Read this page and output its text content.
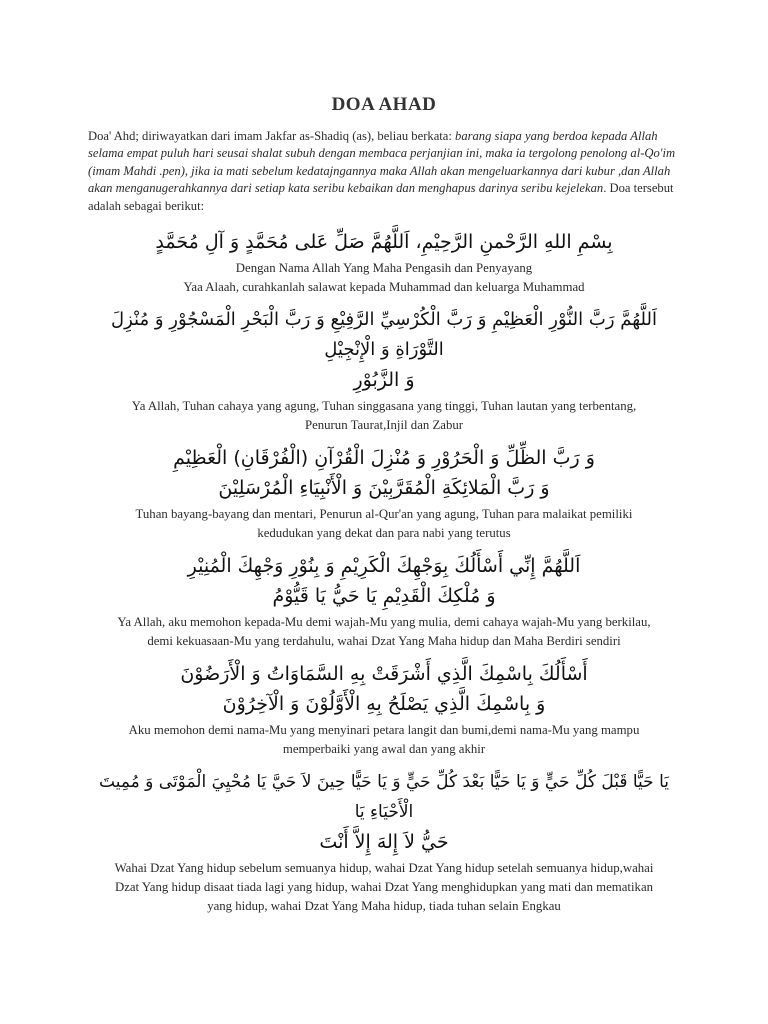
DOA AHAD

Doa' Ahd; diriwayatkan dari imam Jakfar as-Shadiq (as), beliau berkata: barang siapa yang berdoa kepada Allah selama empat puluh hari seusai shalat subuh dengan membaca perjanjian ini, maka ia tergolong penolong al-Qo'im (imam Mahdi .pen), jika ia mati sebelum kedatajngannya maka Allah akan mengeluarkannya dari kubur ,dan Allah akan menganugerahkannya dari setiap kata seribu kebaikan dan menghapus darinya seribu kejelekan. Doa tersebut adalah sebagai berikut:

بِسْمِ اللهِ الرَّحْمنِ الرَّحِيْمِ، اَللَّهُمَّ صَلِّ عَلى مُحَمَّدٍ وَ آلِ مُحَمَّدٍ

Dengan Nama Allah Yang Maha Pengasih dan Penyayang
Yaa Alaah, curahkanlah salawat kepada Muhammad dan keluarga Muhammad

اَللَّهُمَّ رَبَّ النُّوْرِ الْعَظِيْمِ وَ رَبَّ الْكُرْسِيِّ الرَّفِيْعِ وَ رَبَّ الْبَحْرِ الْمَسْجُوْرِ وَ مُنْزِلَ التَّوْرَاةِ وَ الْإِنْجِيْلِ

وَ الزَّبُوْرِ

Ya Allah, Tuhan cahaya yang agung, Tuhan singgasana yang tinggi, Tuhan lautan yang terbentang,
Penurun Taurat,Injil dan Zabur

وَ رَبَّ الظِّلِّ وَ الْحَرُوْرِ وَ مُنْزِلَ الْقُرْآنِ (الْفُرْقَانِ) الْعَظِيْمِ

وَ رَبَّ الْمَلائِكَةِ الْمُقَرَّبِيْنَ وَ الْأَنْبِيَاءِ الْمُرْسَلِيْنَ

Tuhan bayang-bayang dan mentari, Penurun al-Qur'an yang agung, Tuhan para malaikat pemiliki
kedudukan yang dekat dan para nabi yang terutus

اَللَّهُمَّ إِنِّي أَسْأَلُكَ بِوَجْهِكَ الْكَرِيْمِ وَ بِنُوْرِ وَجْهِكَ الْمُنِيْرِ

وَ مُلْكِكَ الْقَدِيْمِ يَا حَيُّ يَا قَيُّوْمُ

Ya Allah, aku memohon kepada-Mu demi wajah-Mu yang mulia, demi cahaya wajah-Mu yang berkilau,
demi kekuasaan-Mu yang terdahulu, wahai Dzat Yang Maha hidup dan Maha Berdiri sendiri

أَسْأَلُكَ بِاسْمِكَ الَّذِي أَشْرَقَتْ بِهِ السَّمَاوَاتُ وَ الْأَرَضُوْنَ

وَ بِاسْمِكَ الَّذِي يَصْلَحُ بِهِ الْأَوَّلُوْنَ وَ الْآخِرُوْنَ

Aku memohon demi nama-Mu yang menyinari petara langit dan bumi,demi nama-Mu yang mampu
memperbaiki yang awal dan yang akhir

يَا حَيًّا قَبْلَ كُلِّ حَيٍّ وَ يَا حَيًّا بَعْدَ كُلِّ حَيٍّ وَ يَا حَيًّا حِينَ لاَ حَيَّ يَا مُحْيِيَ الْمَوْتَى وَ مُمِيتَ الْأَحْيَاءِ يَا

حَيُّ لاَ إِلهَ إِلاَّ أَنْتَ

Wahai Dzat Yang hidup sebelum semuanya hidup, wahai Dzat Yang hidup setelah semuanya hidup,wahai
Dzat Yang hidup disaat tiada lagi yang hidup, wahai Dzat Yang menghidupkan yang mati dan mematikan
yang hidup, wahai Dzat Yang Maha hidup, tiada tuhan selain Engkau
